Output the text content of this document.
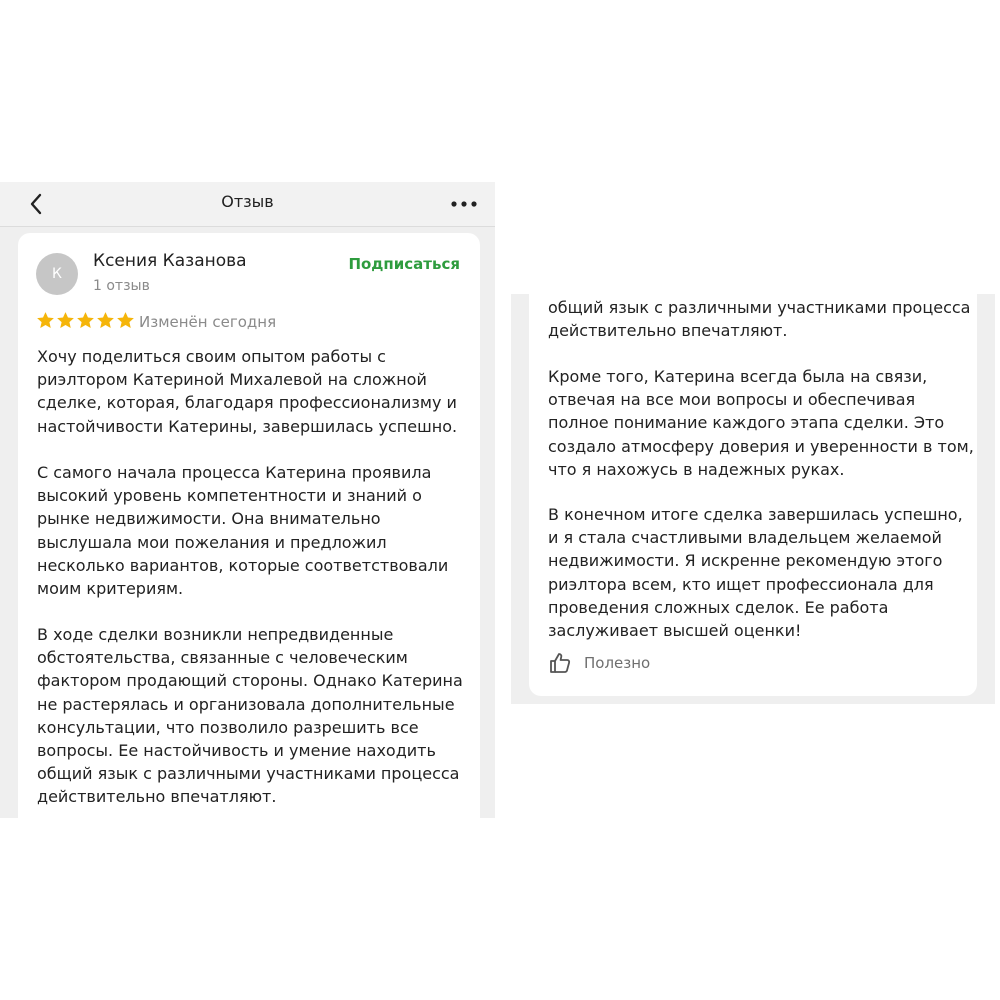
Отзыв
К
Ксения Казанова
1 отзыв
Подписаться
Изменён сегодня

Хочу поделиться своим опытом работы с
риэлтором Катериной Михалевой на сложной
сделке, которая, благодаря профессионализму и
настойчивости Катерины, завершилась успешно.

С самого начала процесса Катерина проявила
высокий уровень компетентности и знаний о
рынке недвижимости. Она внимательно
выслушала мои пожелания и предложил
несколько вариантов, которые соответствовали
моим критериям.

В ходе сделки возникли непредвиденные
обстоятельства, связанные с человеческим
фактором продающий стороны. Однако Катерина
не растерялась и организовала дополнительные
консультации, что позволило разрешить все
вопросы. Ее настойчивость и умение находить
общий язык с различными участниками процесса
действительно впечатляют.

общий язык с различными участниками процесса
действительно впечатляют.

Кроме того, Катерина всегда была на связи,
отвечая на все мои вопросы и обеспечивая
полное понимание каждого этапа сделки. Это
создало атмосферу доверия и уверенности в том,
что я нахожусь в надежных руках.

В конечном итоге сделка завершилась успешно,
и я стала счастливыми владельцем желаемой
недвижимости. Я искренне рекомендую этого
риэлтора всем, кто ищет профессионала для
проведения сложных сделок. Ее работа
заслуживает высшей оценки!

Полезно
